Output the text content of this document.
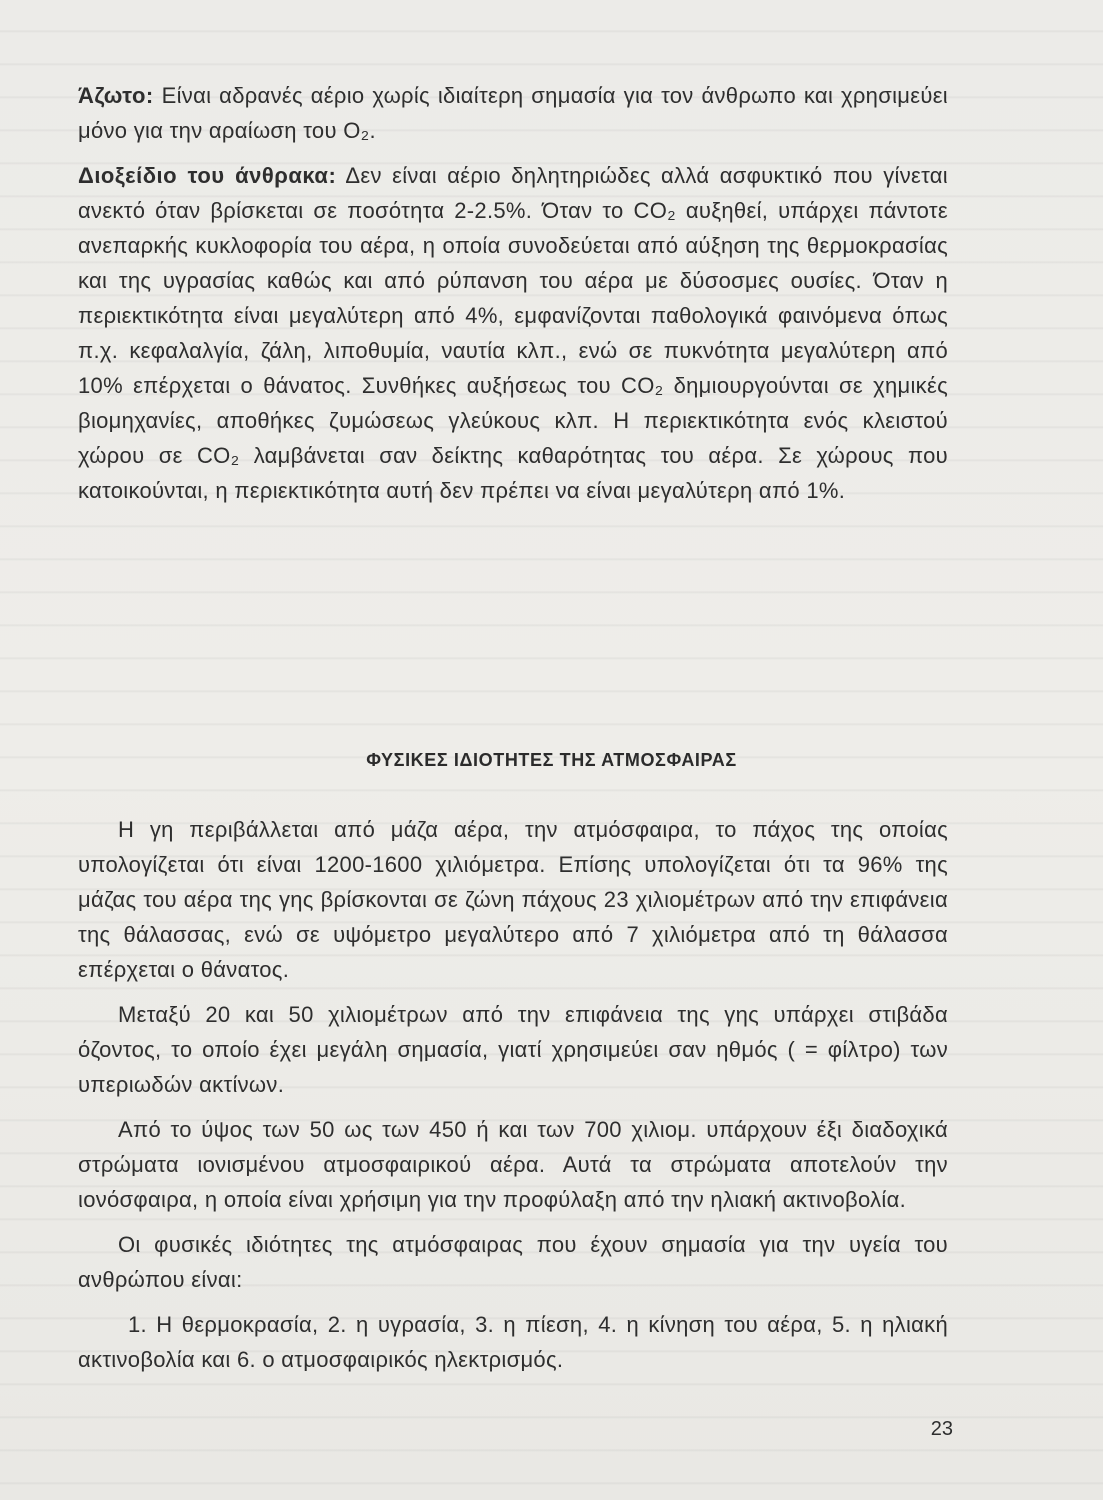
Άζωτο: Είναι αδρανές αέριο χωρίς ιδιαίτερη σημασία για τον άνθρωπο και χρησιμεύει μόνο για την αραίωση του O₂.

Διοξείδιο του άνθρακα: Δεν είναι αέριο δηλητηριώδες αλλά ασφυκτικό που γίνεται ανεκτό όταν βρίσκεται σε ποσότητα 2-2.5%. Όταν το CO₂ αυξηθεί, υπάρχει πάντοτε ανεπαρκής κυκλοφορία του αέρα, η οποία συνοδεύεται από αύξηση της θερμοκρασίας και της υγρασίας καθώς και από ρύπανση του αέρα με δύσοσμες ουσίες. Όταν η περιεκτικότητα είναι μεγαλύτερη από 4%, εμφανίζονται παθολογικά φαινόμενα όπως π.χ. κεφαλαλγία, ζάλη, λιποθυμία, ναυτία κλπ., ενώ σε πυκνότητα μεγαλύτερη από 10% επέρχεται ο θάνατος. Συνθήκες αυξήσεως του CO₂ δημιουργούνται σε χημικές βιομηχανίες, αποθήκες ζυμώσεως γλεύκους κλπ. Η περιεκτικότητα ενός κλειστού χώρου σε CO₂ λαμβάνεται σαν δείκτης καθαρότητας του αέρα. Σε χώρους που κατοικούνται, η περιεκτικότητα αυτή δεν πρέπει να είναι μεγαλύτερη από 1%.

ΦΥΣΙΚΕΣ ΙΔΙΟΤΗΤΕΣ ΤΗΣ ΑΤΜΟΣΦΑΙΡΑΣ

Η γη περιβάλλεται από μάζα αέρα, την ατμόσφαιρα, το πάχος της οποίας υπολογίζεται ότι είναι 1200-1600 χιλιόμετρα. Επίσης υπολογίζεται ότι τα 96% της μάζας του αέρα της γης βρίσκονται σε ζώνη πάχους 23 χιλιομέτρων από την επιφάνεια της θάλασσας, ενώ σε υψόμετρο μεγαλύτερο από 7 χιλιόμετρα από τη θάλασσα επέρχεται ο θάνατος.

Μεταξύ 20 και 50 χιλιομέτρων από την επιφάνεια της γης υπάρχει στιβάδα όζοντος, το οποίο έχει μεγάλη σημασία, γιατί χρησιμεύει σαν ηθμός ( = φίλτρο) των υπεριωδών ακτίνων.

Από το ύψος των 50 ως των 450 ή και των 700 χιλιομ. υπάρχουν έξι διαδοχικά στρώματα ιονισμένου ατμοσφαιρικού αέρα. Αυτά τα στρώματα αποτελούν την ιονόσφαιρα, η οποία είναι χρήσιμη για την προφύλαξη από την ηλιακή ακτινοβολία.

Οι φυσικές ιδιότητες της ατμόσφαιρας που έχουν σημασία για την υγεία του ανθρώπου είναι:

1. Η θερμοκρασία, 2. η υγρασία, 3. η πίεση, 4. η κίνηση του αέρα, 5. η ηλιακή ακτινοβολία και 6. ο ατμοσφαιρικός ηλεκτρισμός.

23
